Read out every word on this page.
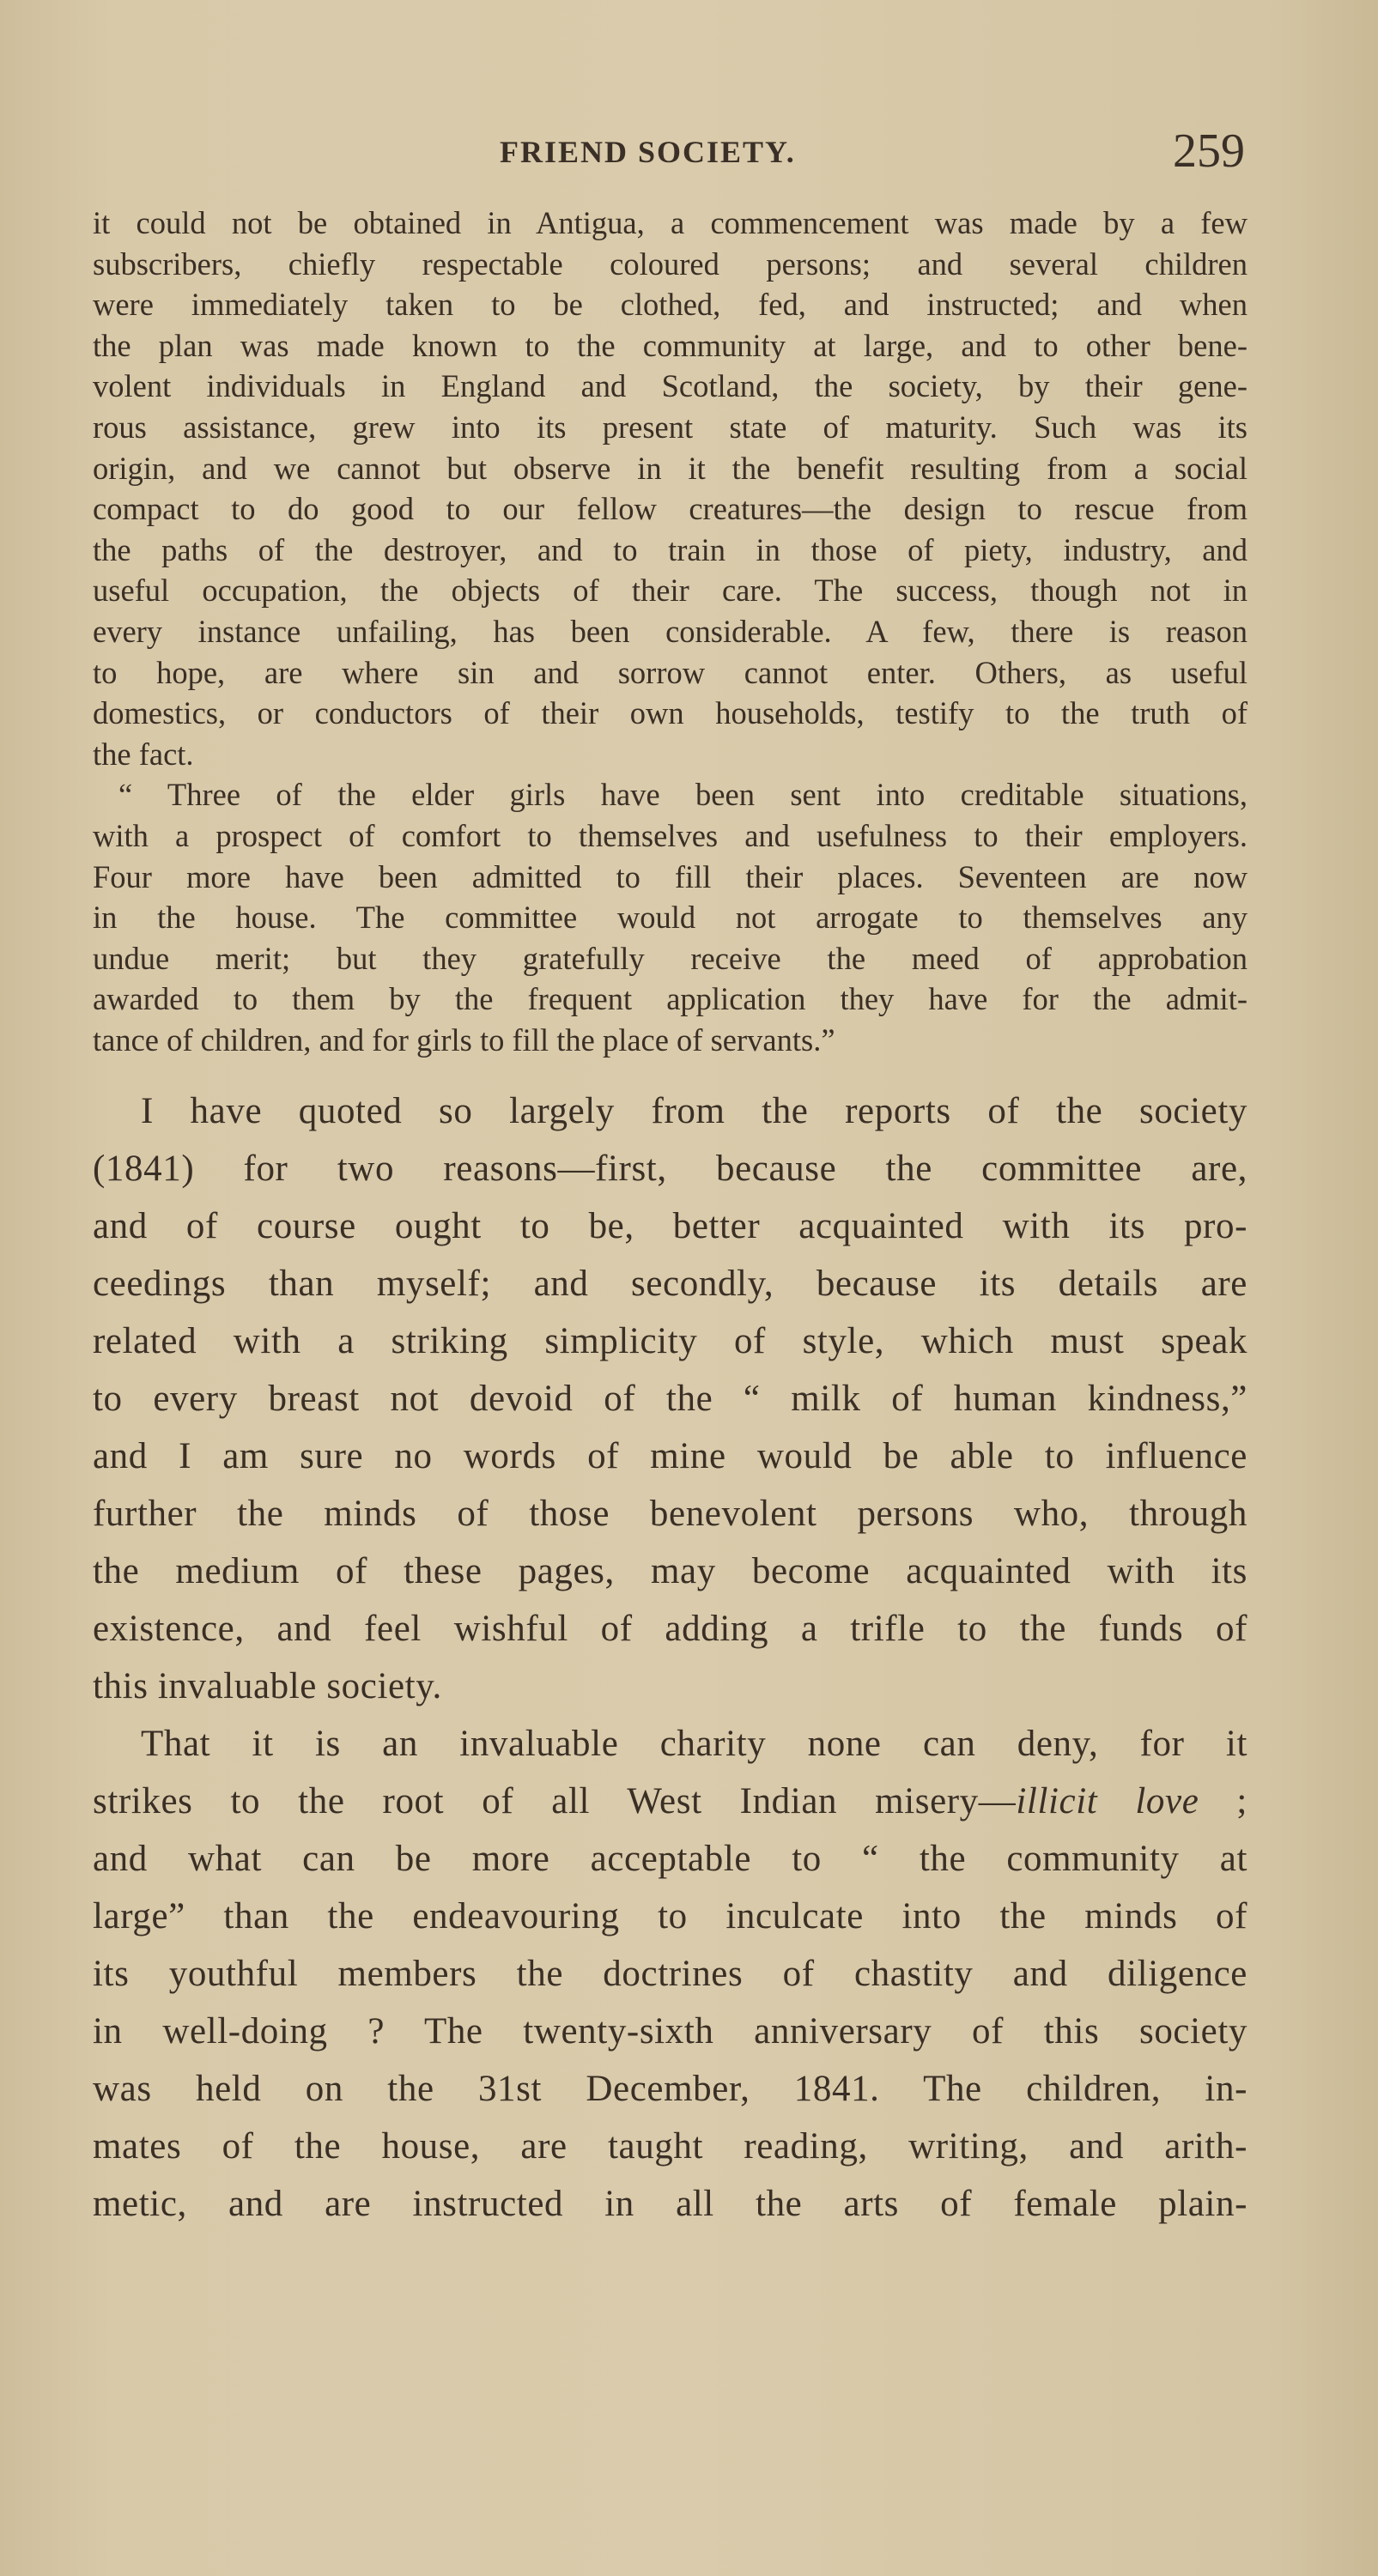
FRIEND SOCIETY.	259

it could not be obtained in Antigua, a commencement was made by a few

subscribers, chiefly respectable coloured persons; and several children

were immediately taken to be clothed, fed, and instructed; and when

the plan was made known to the community at large, and to other bene-

volent individuals in England and Scotland, the society, by their gene-

rous assistance, grew into its present state of maturity. Such was its

origin, and we cannot but observe in it the benefit resulting from a social

compact to do good to our fellow creatures—the design to rescue from

the paths of the destroyer, and to train in those of piety, industry, and

useful occupation, the objects of their care. The success, though not in

every instance unfailing, has been considerable. A few, there is reason

to hope, are where sin and sorrow cannot enter. Others, as useful

domestics, or conductors of their own households, testify to the truth of

the fact.

“ Three of the elder girls have been sent into creditable situations,

with a prospect of comfort to themselves and usefulness to their employers.

Four more have been admitted to fill their places. Seventeen are now

in the house. The committee would not arrogate to themselves any

undue merit; but they gratefully receive the meed of approbation

awarded to them by the frequent application they have for the admit-

tance of children, and for girls to fill the place of servants.”

I have quoted so largely from the reports of the society

(1841) for two reasons—first, because the committee are,

and of course ought to be, better acquainted with its pro-

ceedings than myself; and secondly, because its details are

related with a striking simplicity of style, which must speak

to every breast not devoid of the “ milk of human kindness,”

and I am sure no words of mine would be able to influence

further the minds of those benevolent persons who, through

the medium of these pages, may become acquainted with its

existence, and feel wishful of adding a trifle to the funds of

this invaluable society.

That it is an invaluable charity none can deny, for it

strikes to the root of all West Indian misery—illicit love ;

and what can be more acceptable to “ the community at

large” than the endeavouring to inculcate into the minds of

its youthful members the doctrines of chastity and diligence

in well-doing ? The twenty-sixth anniversary of this society

was held on the 31st December, 1841. The children, in-

mates of the house, are taught reading, writing, and arith-

metic, and are instructed in all the arts of female plain-
